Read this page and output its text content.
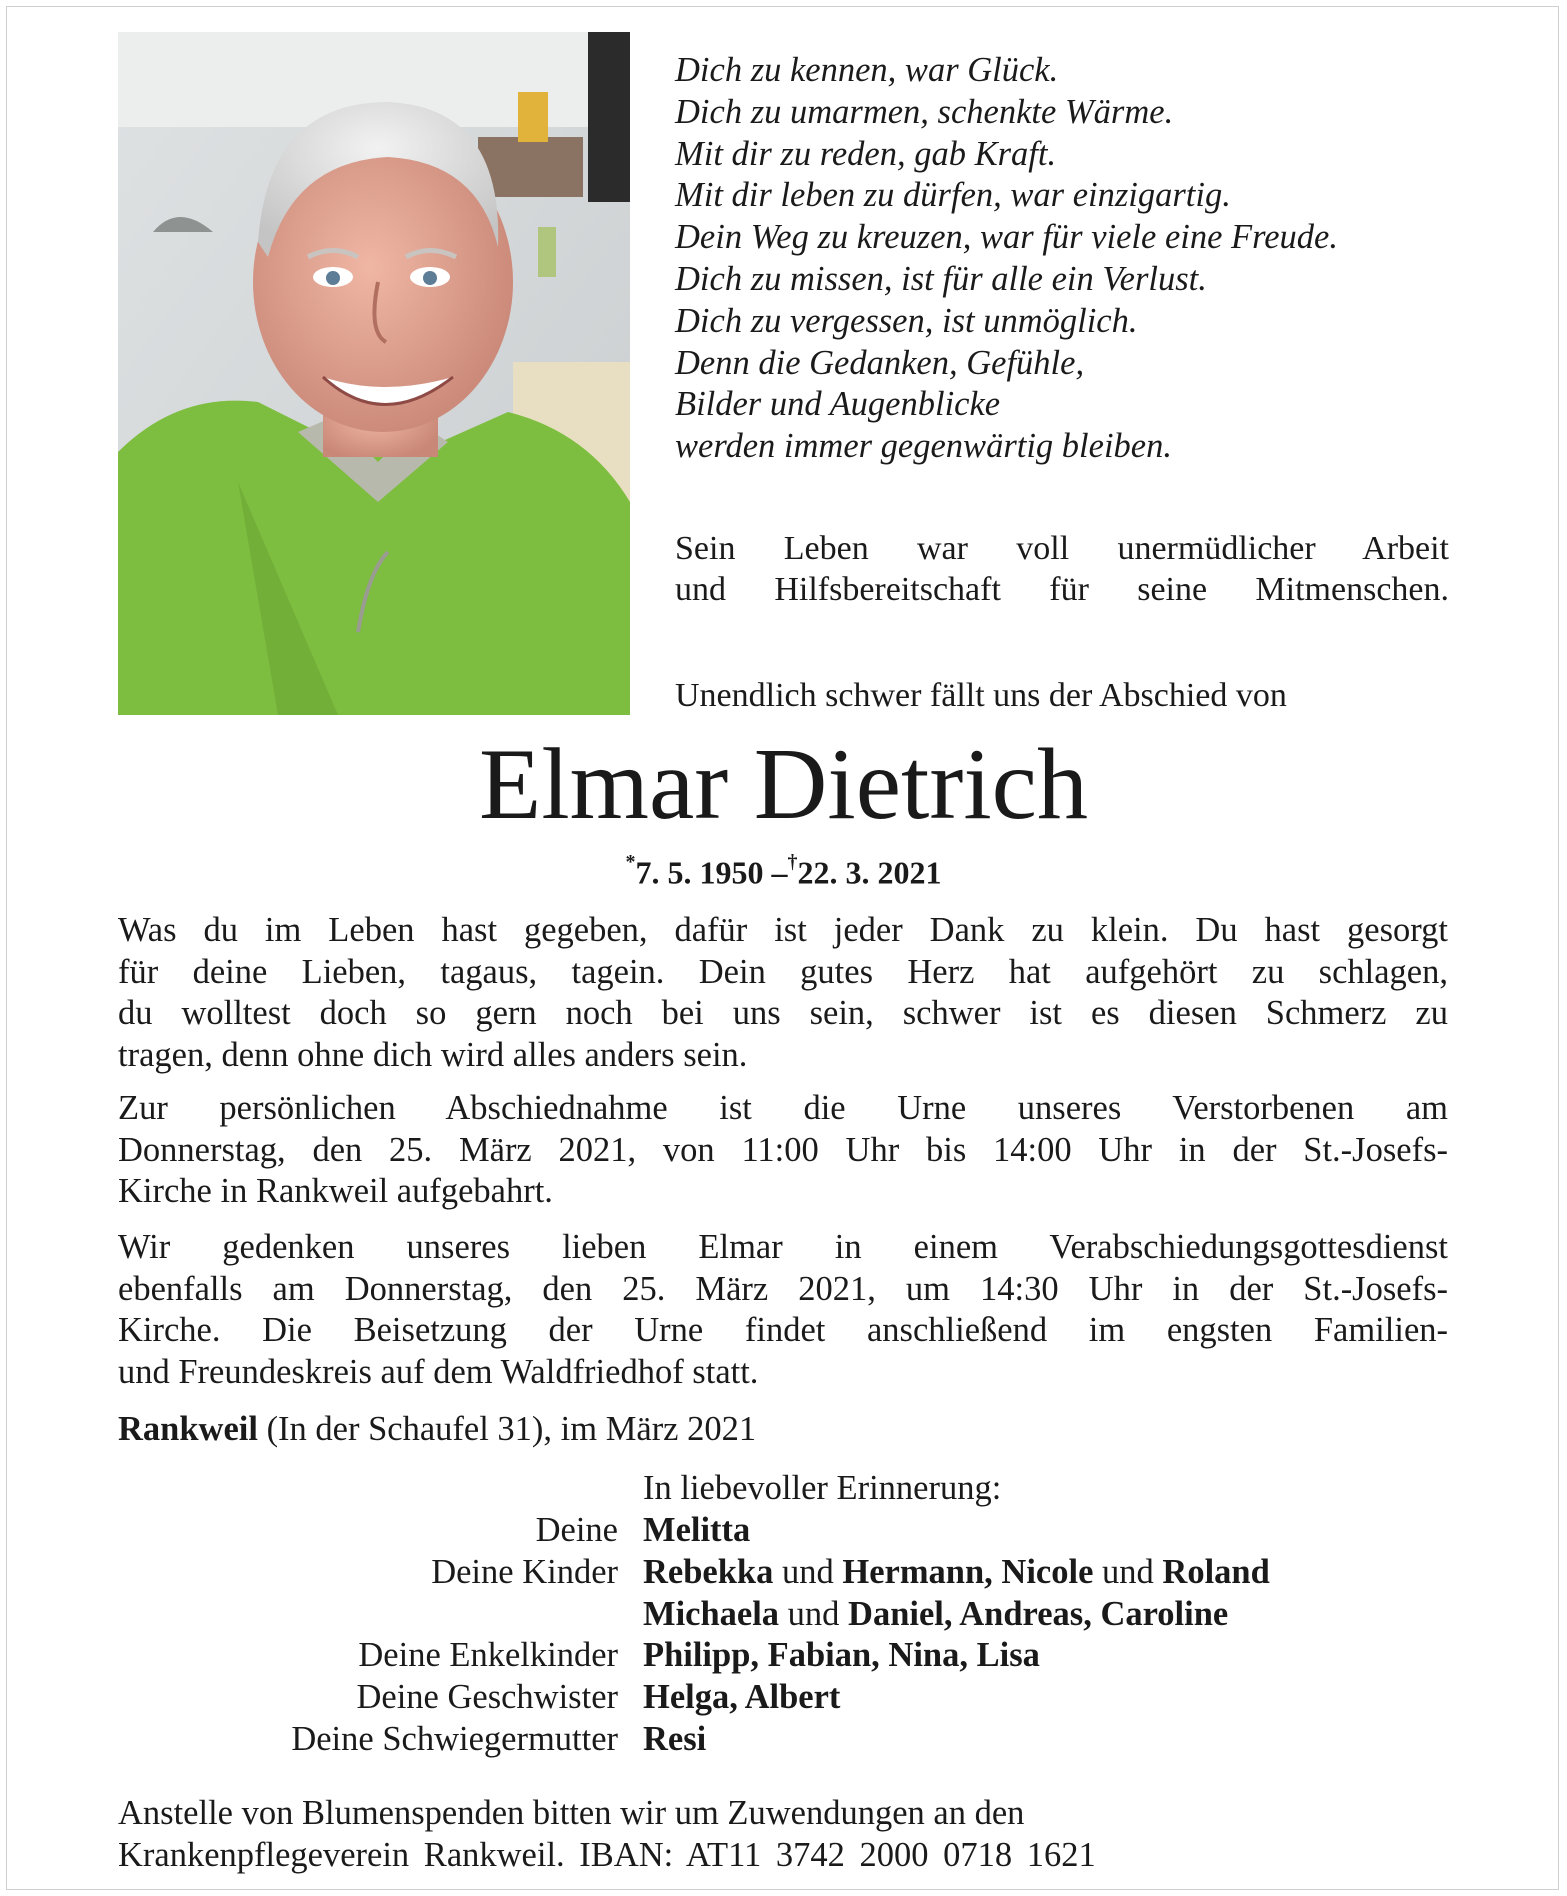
Dich zu kennen, war Glück.
Dich zu umarmen, schenkte Wärme.
Mit dir zu reden, gab Kraft.
Mit dir leben zu dürfen, war einzigartig.
Dein Weg zu kreuzen, war für viele eine Freude.
Dich zu missen, ist für alle ein Verlust.
Dich zu vergessen, ist unmöglich.
Denn die Gedanken, Gefühle,
Bilder und Augenblicke
werden immer gegenwärtig bleiben.
Sein Leben war voll unermüdlicher Arbeit
und Hilfsbereitschaft für seine Mitmenschen.
Unendlich schwer fällt uns der Abschied von
Elmar Dietrich
*7. 5. 1950 –†22. 3. 2021
Was du im Leben hast gegeben, dafür ist jeder Dank zu klein. Du hast gesorgt
für deine Lieben, tagaus, tagein. Dein gutes Herz hat aufgehört zu schlagen,
du wolltest doch so gern noch bei uns sein, schwer ist es diesen Schmerz zu
tragen, denn ohne dich wird alles anders sein.
Zur persönlichen Abschiednahme ist die Urne unseres Verstorbenen am
Donnerstag, den 25. März 2021, von 11:00 Uhr bis 14:00 Uhr in der St.-Josefs-
Kirche in Rankweil aufgebahrt.
Wir gedenken unseres lieben Elmar in einem Verabschiedungsgottesdienst
ebenfalls am Donnerstag, den 25. März 2021, um 14:30 Uhr in der St.-Josefs-
Kirche. Die Beisetzung der Urne findet anschließend im engsten Familien-
und Freundeskreis auf dem Waldfriedhof statt.
Rankweil (In der Schaufel 31), im März 2021
In liebevoller Erinnerung:
Deine Melitta
Deine Kinder Rebekka und Hermann, Nicole und Roland
Michaela und Daniel, Andreas, Caroline
Deine Enkelkinder Philipp, Fabian, Nina, Lisa
Deine Geschwister Helga, Albert
Deine Schwiegermutter Resi
Anstelle von Blumenspenden bitten wir um Zuwendungen an den
Krankenpflegeverein Rankweil. IBAN: AT11 3742 2000 0718 1621
